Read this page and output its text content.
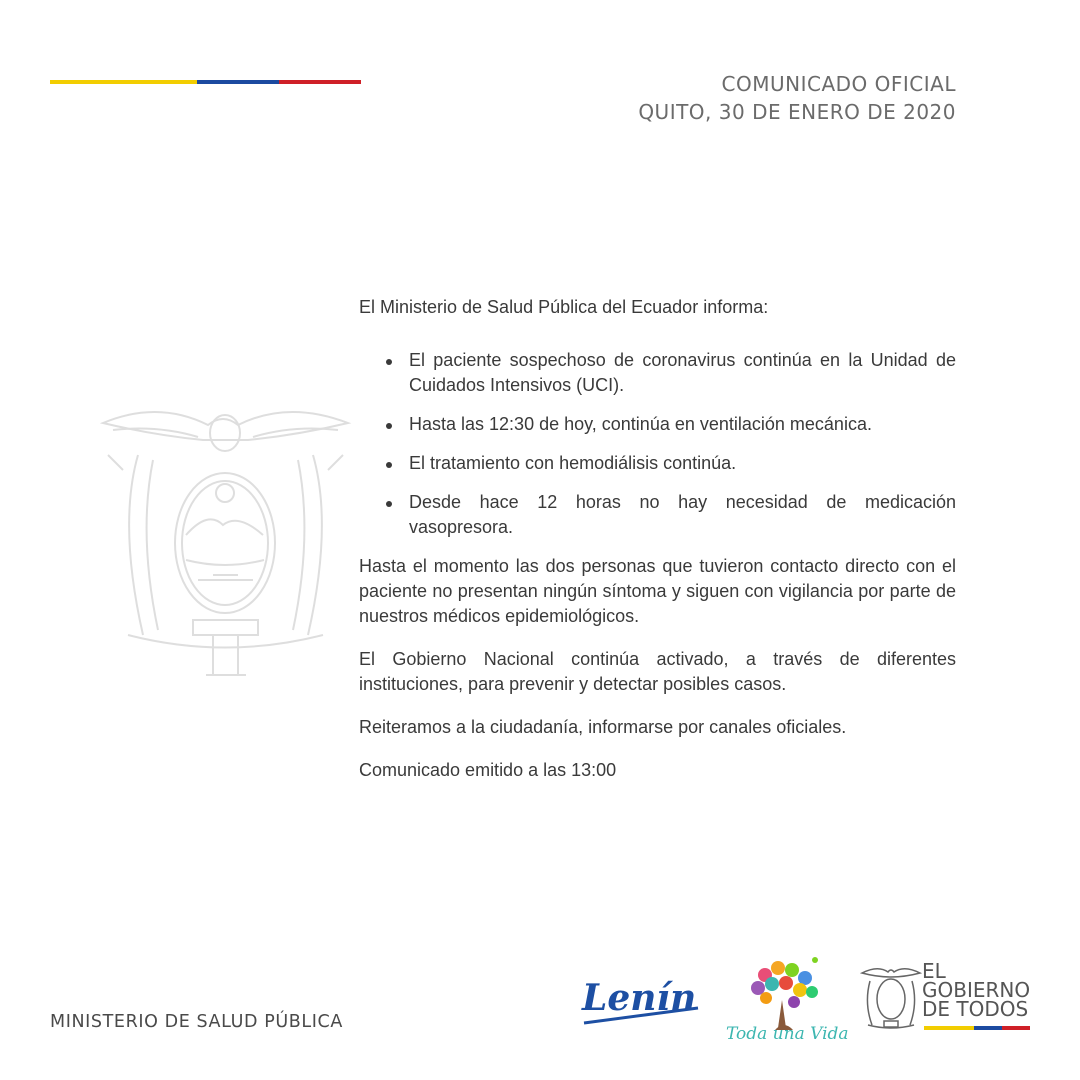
COMUNICADO OFICIAL
QUITO, 30 DE ENERO DE 2020

El Ministerio de Salud Pública del Ecuador informa:

El paciente sospechoso de coronavirus continúa en la Unidad de Cuidados Intensivos (UCI).
Hasta las 12:30 de hoy, continúa en ventilación mecánica.
El tratamiento con hemodiálisis continúa.
Desde hace 12 horas no hay necesidad de medicación vasopresora.

Hasta el momento las dos personas que tuvieron contacto directo con el paciente no presentan ningún síntoma y siguen con vigilancia por parte de nuestros médicos epidemiológicos.

El Gobierno Nacional continúa activado, a través de diferentes instituciones, para prevenir y detectar posibles casos.

Reiteramos a la ciudadanía, informarse por canales oficiales.

Comunicado emitido a las 13:00

MINISTERIO DE SALUD PÚBLICA
Lenín
Toda una Vida
EL
GOBIERNO
DE TODOS
